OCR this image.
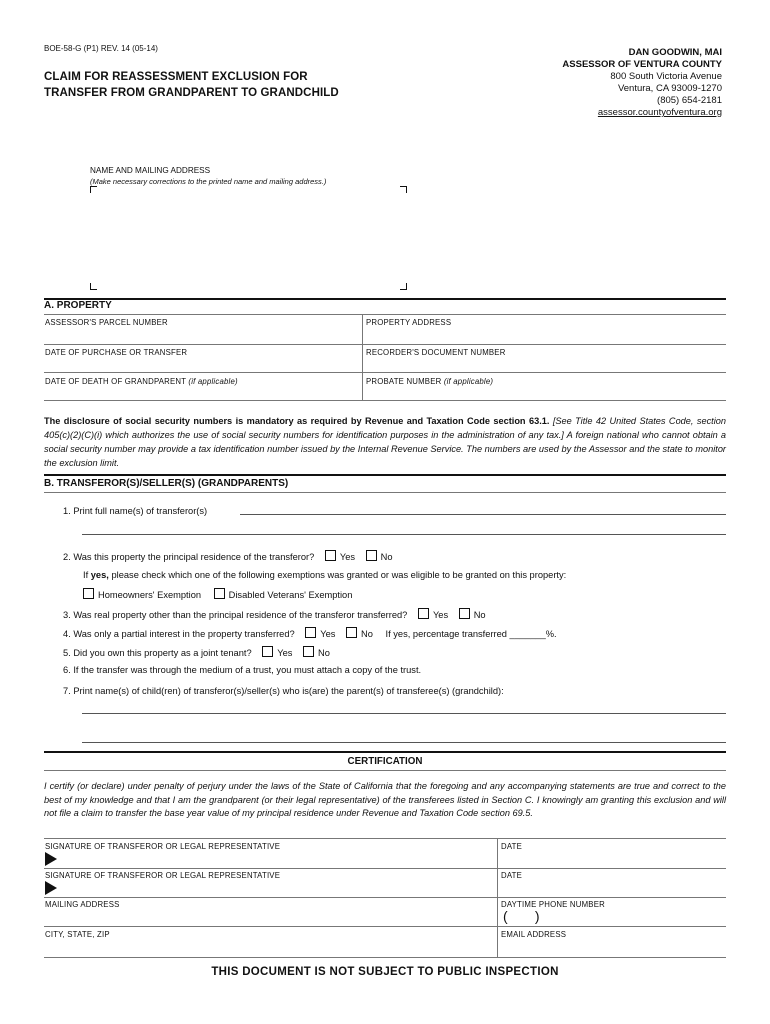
BOE-58-G (P1) REV. 14 (05-14)
CLAIM FOR REASSESSMENT EXCLUSION FOR
TRANSFER FROM GRANDPARENT TO GRANDCHILD
DAN GOODWIN, MAI
ASSESSOR OF VENTURA COUNTY
800 South Victoria Avenue
Ventura, CA 93009-1270
(805) 654-2181
assessor.countyofventura.org
NAME AND MAILING ADDRESS
(Make necessary corrections to the printed name and mailing address.)
A. PROPERTY
ASSESSOR'S PARCEL NUMBER	PROPERTY ADDRESS
DATE OF PURCHASE OR TRANSFER	RECORDER'S DOCUMENT NUMBER
DATE OF DEATH OF GRANDPARENT (if applicable)	PROBATE NUMBER (if applicable)
The disclosure of social security numbers is mandatory as required by Revenue and Taxation Code section 63.1. [See Title 42 United States Code, section 405(c)(2)(C)(i) which authorizes the use of social security numbers for identification purposes in the administration of any tax.] A foreign national who cannot obtain a social security number may provide a tax identification number issued by the Internal Revenue Service. The numbers are used by the Assessor and the state to monitor the exclusion limit.
B. TRANSFEROR(S)/SELLER(S) (GRANDPARENTS)
1. Print full name(s) of transferor(s)
2. Was this property the principal residence of the transferor?	Yes	No
If yes, please check which one of the following exemptions was granted or was eligible to be granted on this property:
Homeowners' Exemption	Disabled Veterans' Exemption
3. Was real property other than the principal residence of the transferor transferred?	Yes	No
4. Was only a partial interest in the property transferred?	Yes	No If yes, percentage transferred _______%.
5. Did you own this property as a joint tenant?	Yes	No
6. If the transfer was through the medium of a trust, you must attach a copy of the trust.
7. Print name(s) of child(ren) of transferor(s)/seller(s) who is(are) the parent(s) of transferee(s) (grandchild):
CERTIFICATION
I certify (or declare) under penalty of perjury under the laws of the State of California that the foregoing and any accompanying statements are true and correct to the best of my knowledge and that I am the grandparent (or their legal representative) of the transferees listed in Section C. I knowingly am granting this exclusion and will not file a claim to transfer the base year value of my principal residence under Revenue and Taxation Code section 69.5.
SIGNATURE OF TRANSFEROR OR LEGAL REPRESENTATIVE	DATE
SIGNATURE OF TRANSFEROR OR LEGAL REPRESENTATIVE	DATE
MAILING ADDRESS	DAYTIME PHONE NUMBER
(       )
CITY, STATE, ZIP	EMAIL ADDRESS
THIS DOCUMENT IS NOT SUBJECT TO PUBLIC INSPECTION
